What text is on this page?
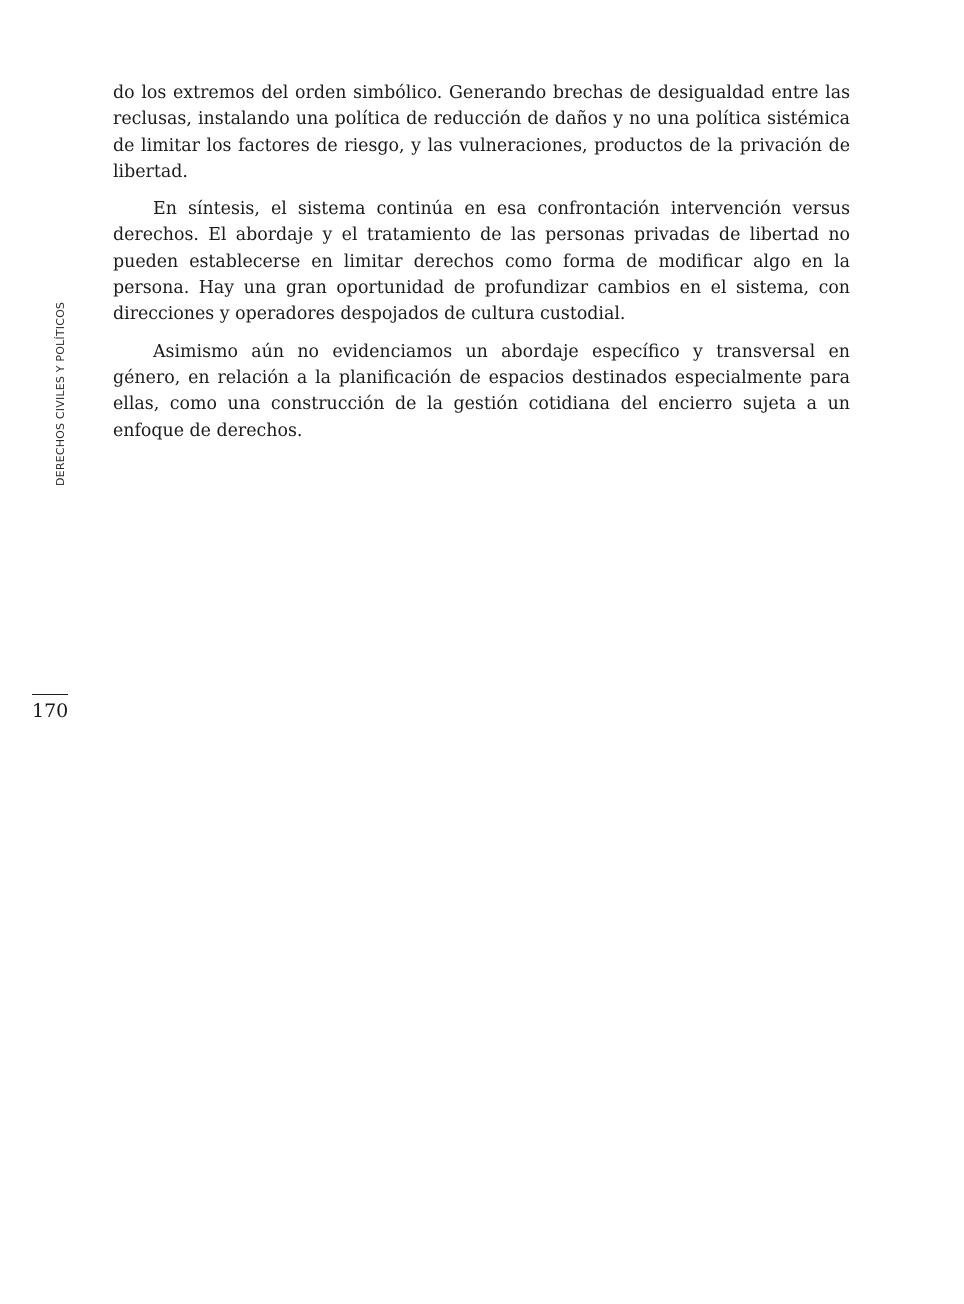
DERECHOS CIVILES Y POLÍTICOS

do los extremos del orden simbólico. Generando brechas de desigualdad entre las reclusas, instalando una política de reducción de daños y no una política sistémica de limitar los factores de riesgo, y las vulneraciones, productos de la privación de libertad.

En síntesis, el sistema continúa en esa confrontación intervención versus derechos. El abordaje y el tratamiento de las personas privadas de libertad no pueden establecerse en limitar derechos como forma de modificar algo en la persona. Hay una gran oportunidad de profundizar cambios en el sistema, con direcciones y operadores despojados de cultura custodial.

Asimismo aún no evidenciamos un abordaje específico y transversal en género, en relación a la planificación de espacios destinados especialmente para ellas, como una construcción de la gestión cotidiana del encierro sujeta a un enfoque de derechos.

170
